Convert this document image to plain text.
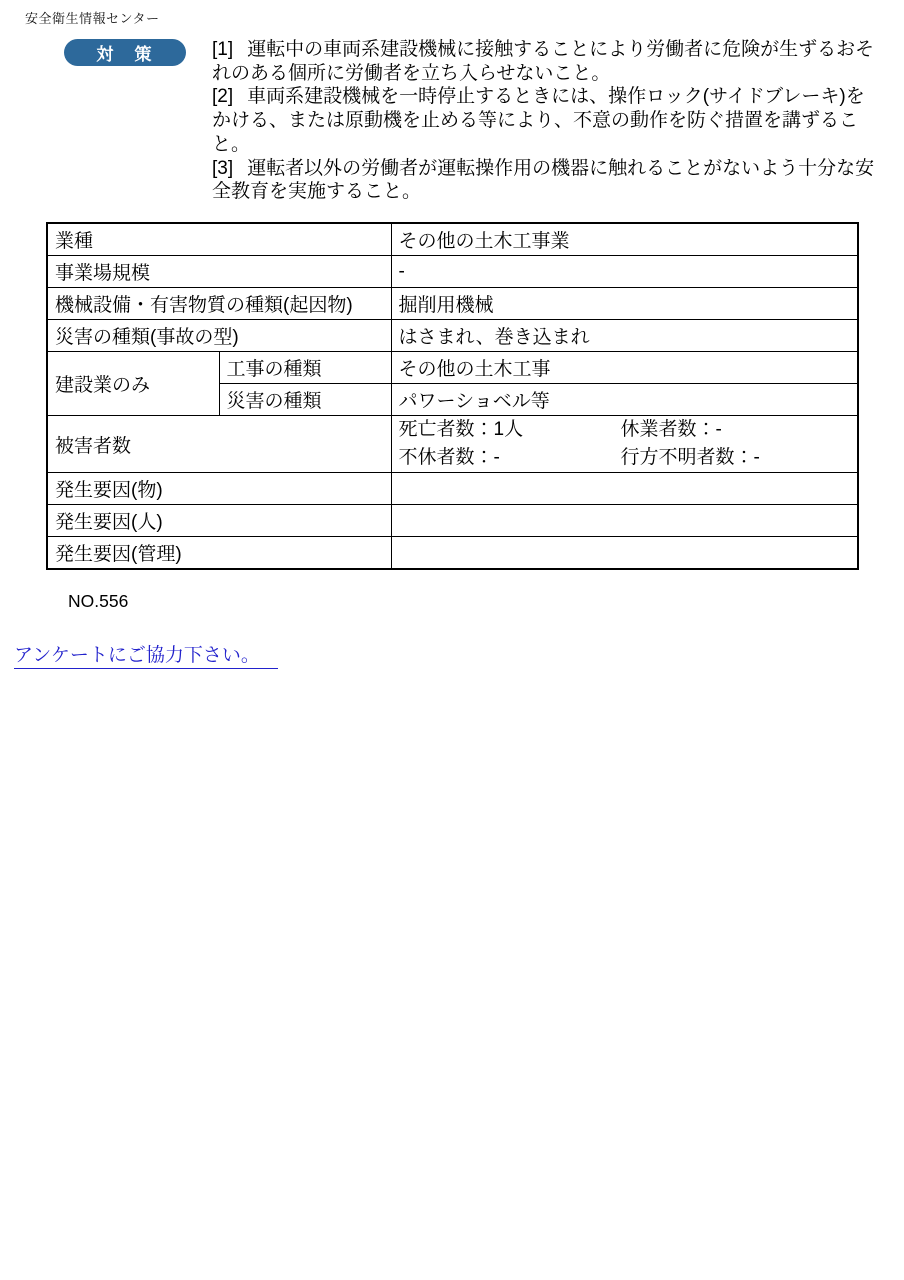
安全衛生情報センター
対　策	[1] 運転中の車両系建設機械に接触することにより労働者に危険が生ずるおそれのある個所に労働者を立ち入らせないこと。

[2] 車両系建設機械を一時停止するときには、操作ロック(サイドブレーキ)をかける、または原動機を止める等により、不意の動作を防ぐ措置を講ずること。

[3] 運転者以外の労働者が運転操作用の機器に触れることがないよう十分な安全教育を実施すること。

業種		その他の土木工事業
事業場規模		-
機械設備・有害物質の種類(起因物)		掘削用機械
災害の種類(事故の型)		はさまれ、巻き込まれ
建設業のみ	工事の種類	その他の土木工事
	災害の種類	パワーショベル等
被害者数		死亡者数：1人 休業者数：-
不休者数：- 行方不明者数：-

発生要因(物)		
発生要因(人)		
発生要因(管理)		
NO.556
アンケートにご協力下さい。
